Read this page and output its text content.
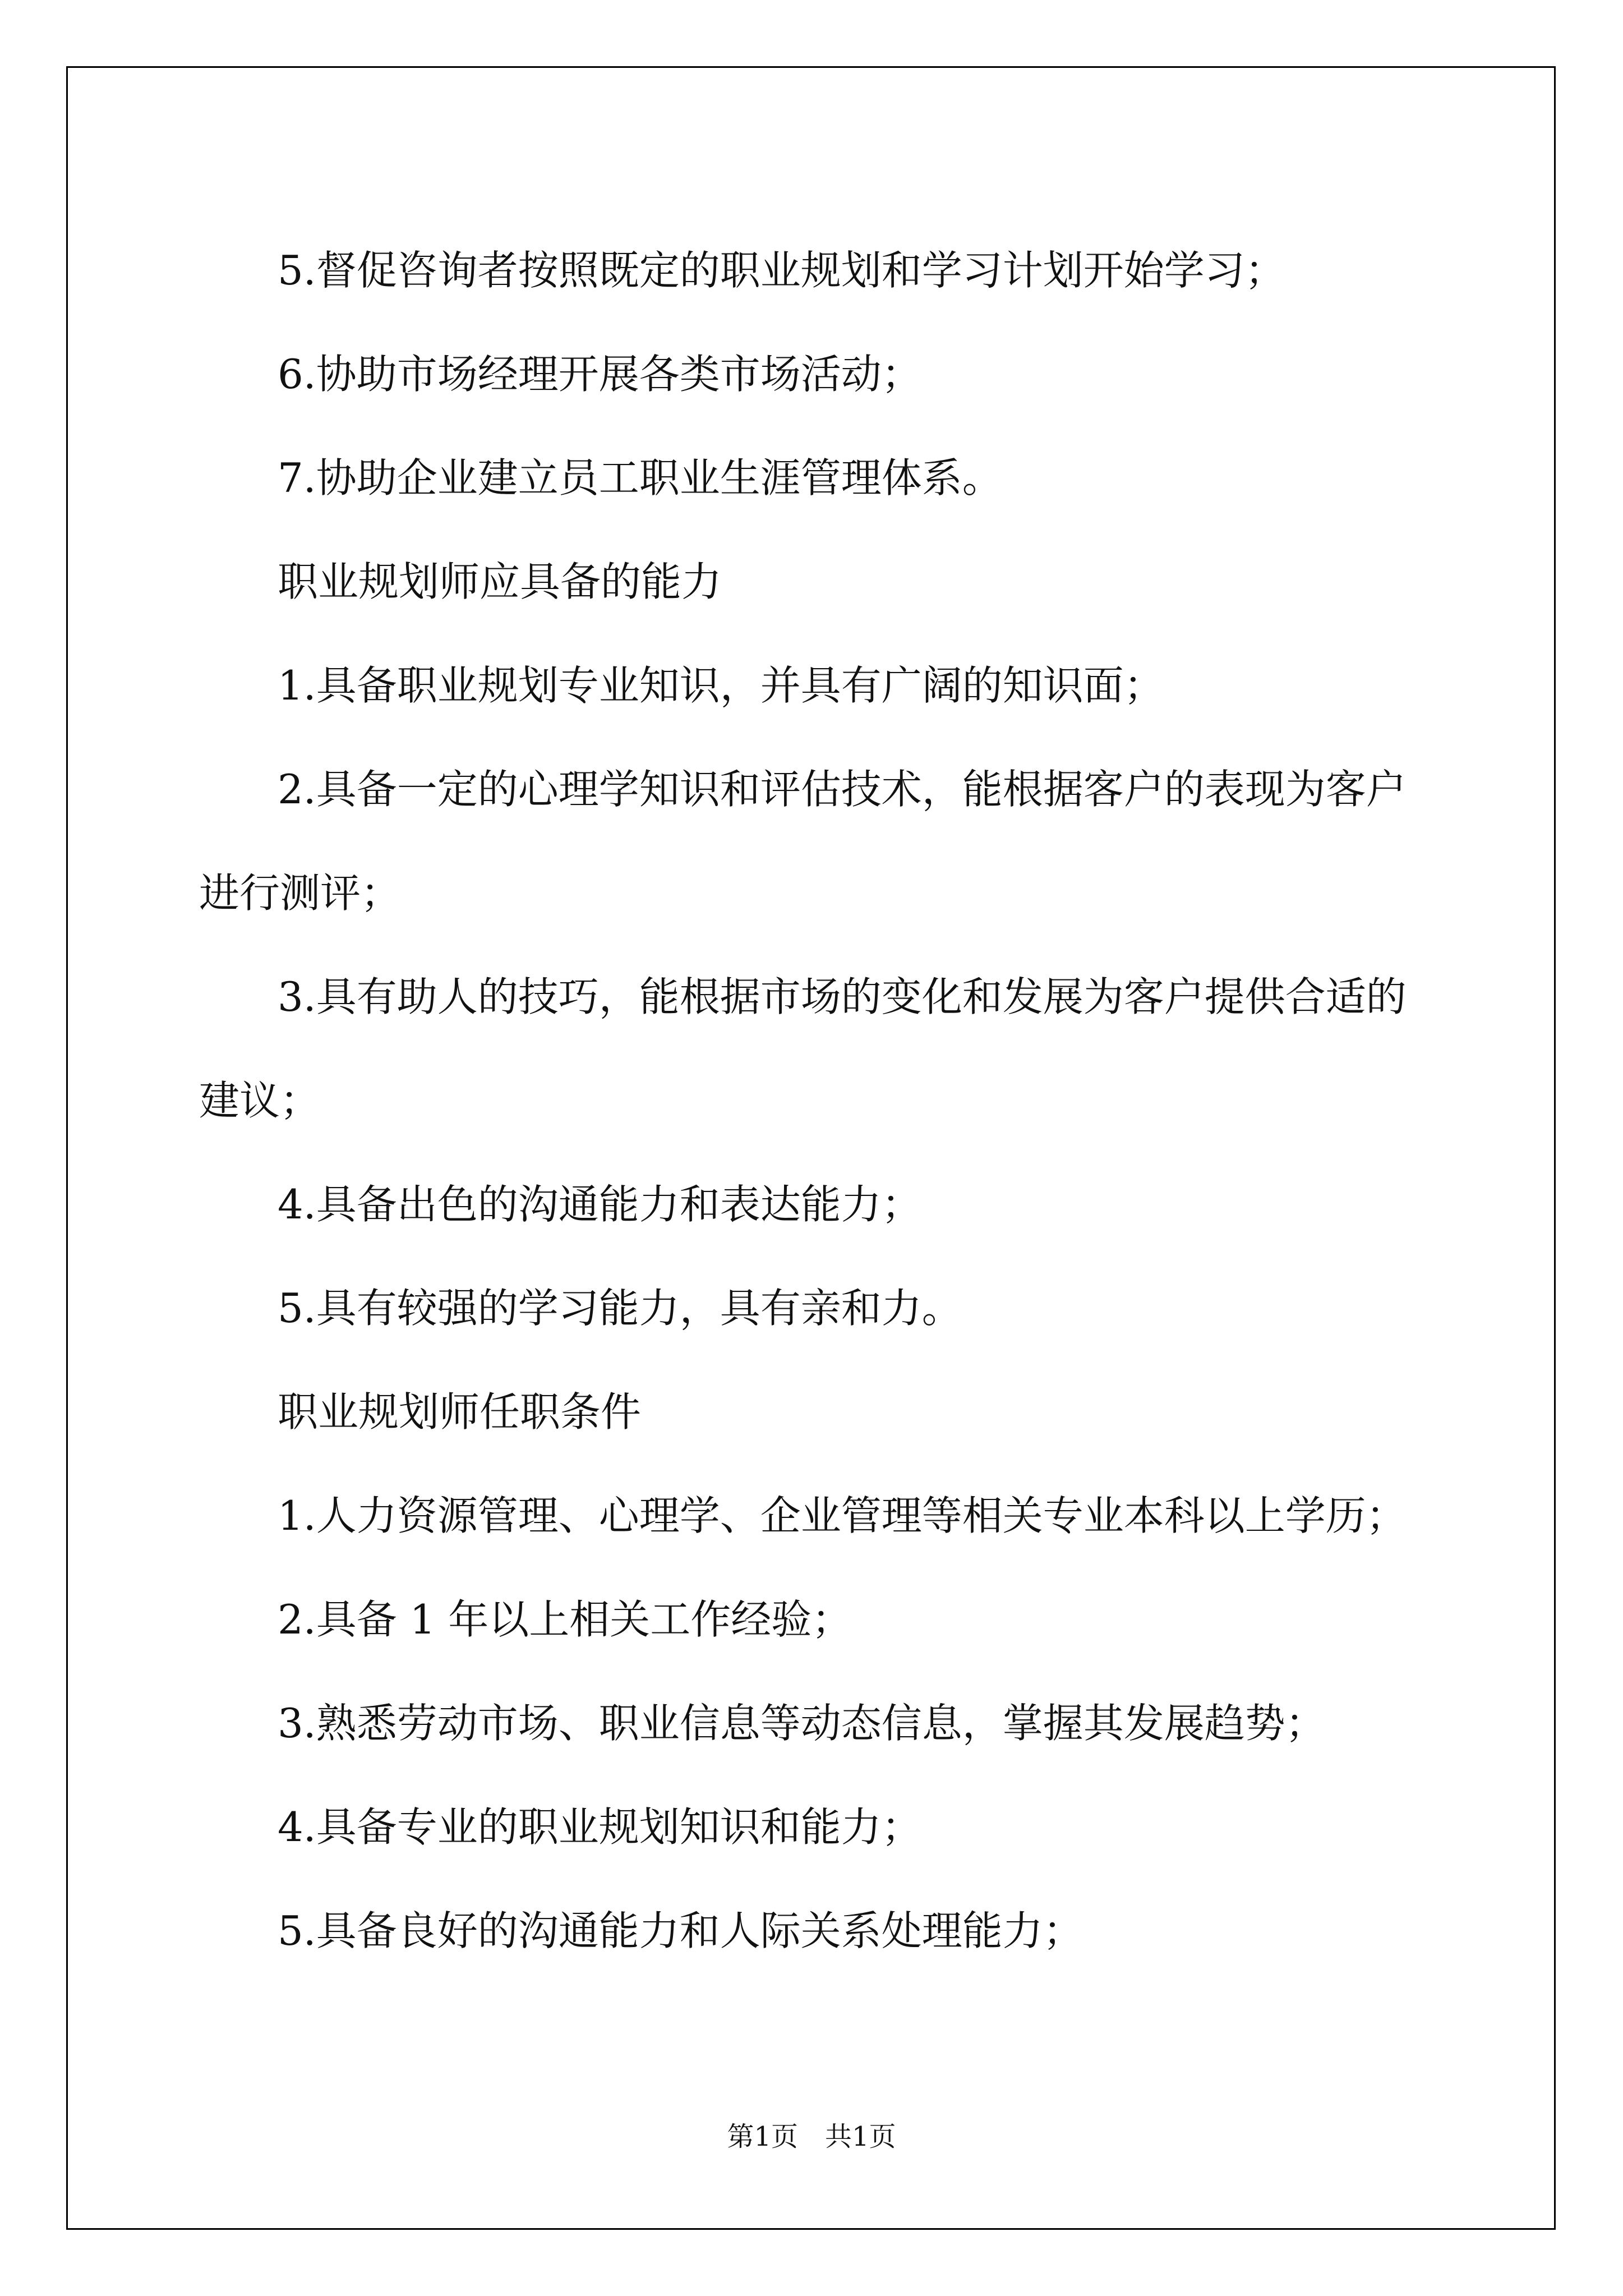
5.督促咨询者按照既定的职业规划和学习计划开始学习；
6.协助市场经理开展各类市场活动；
7.协助企业建立员工职业生涯管理体系。
职业规划师应具备的能力
1.具备职业规划专业知识，并具有广阔的知识面；
2.具备一定的心理学知识和评估技术，能根据客户的表现为客户
进行测评；
3.具有助人的技巧，能根据市场的变化和发展为客户提供合适的
建议；
4.具备出色的沟通能力和表达能力；
5.具有较强的学习能力，具有亲和力。
职业规划师任职条件
1.人力资源管理、心理学、企业管理等相关专业本科以上学历；
2.具备 1 年以上相关工作经验；
3.熟悉劳动市场、职业信息等动态信息，掌握其发展趋势；
4.具备专业的职业规划知识和能力；
5.具备良好的沟通能力和人际关系处理能力；
第1页　共1页
